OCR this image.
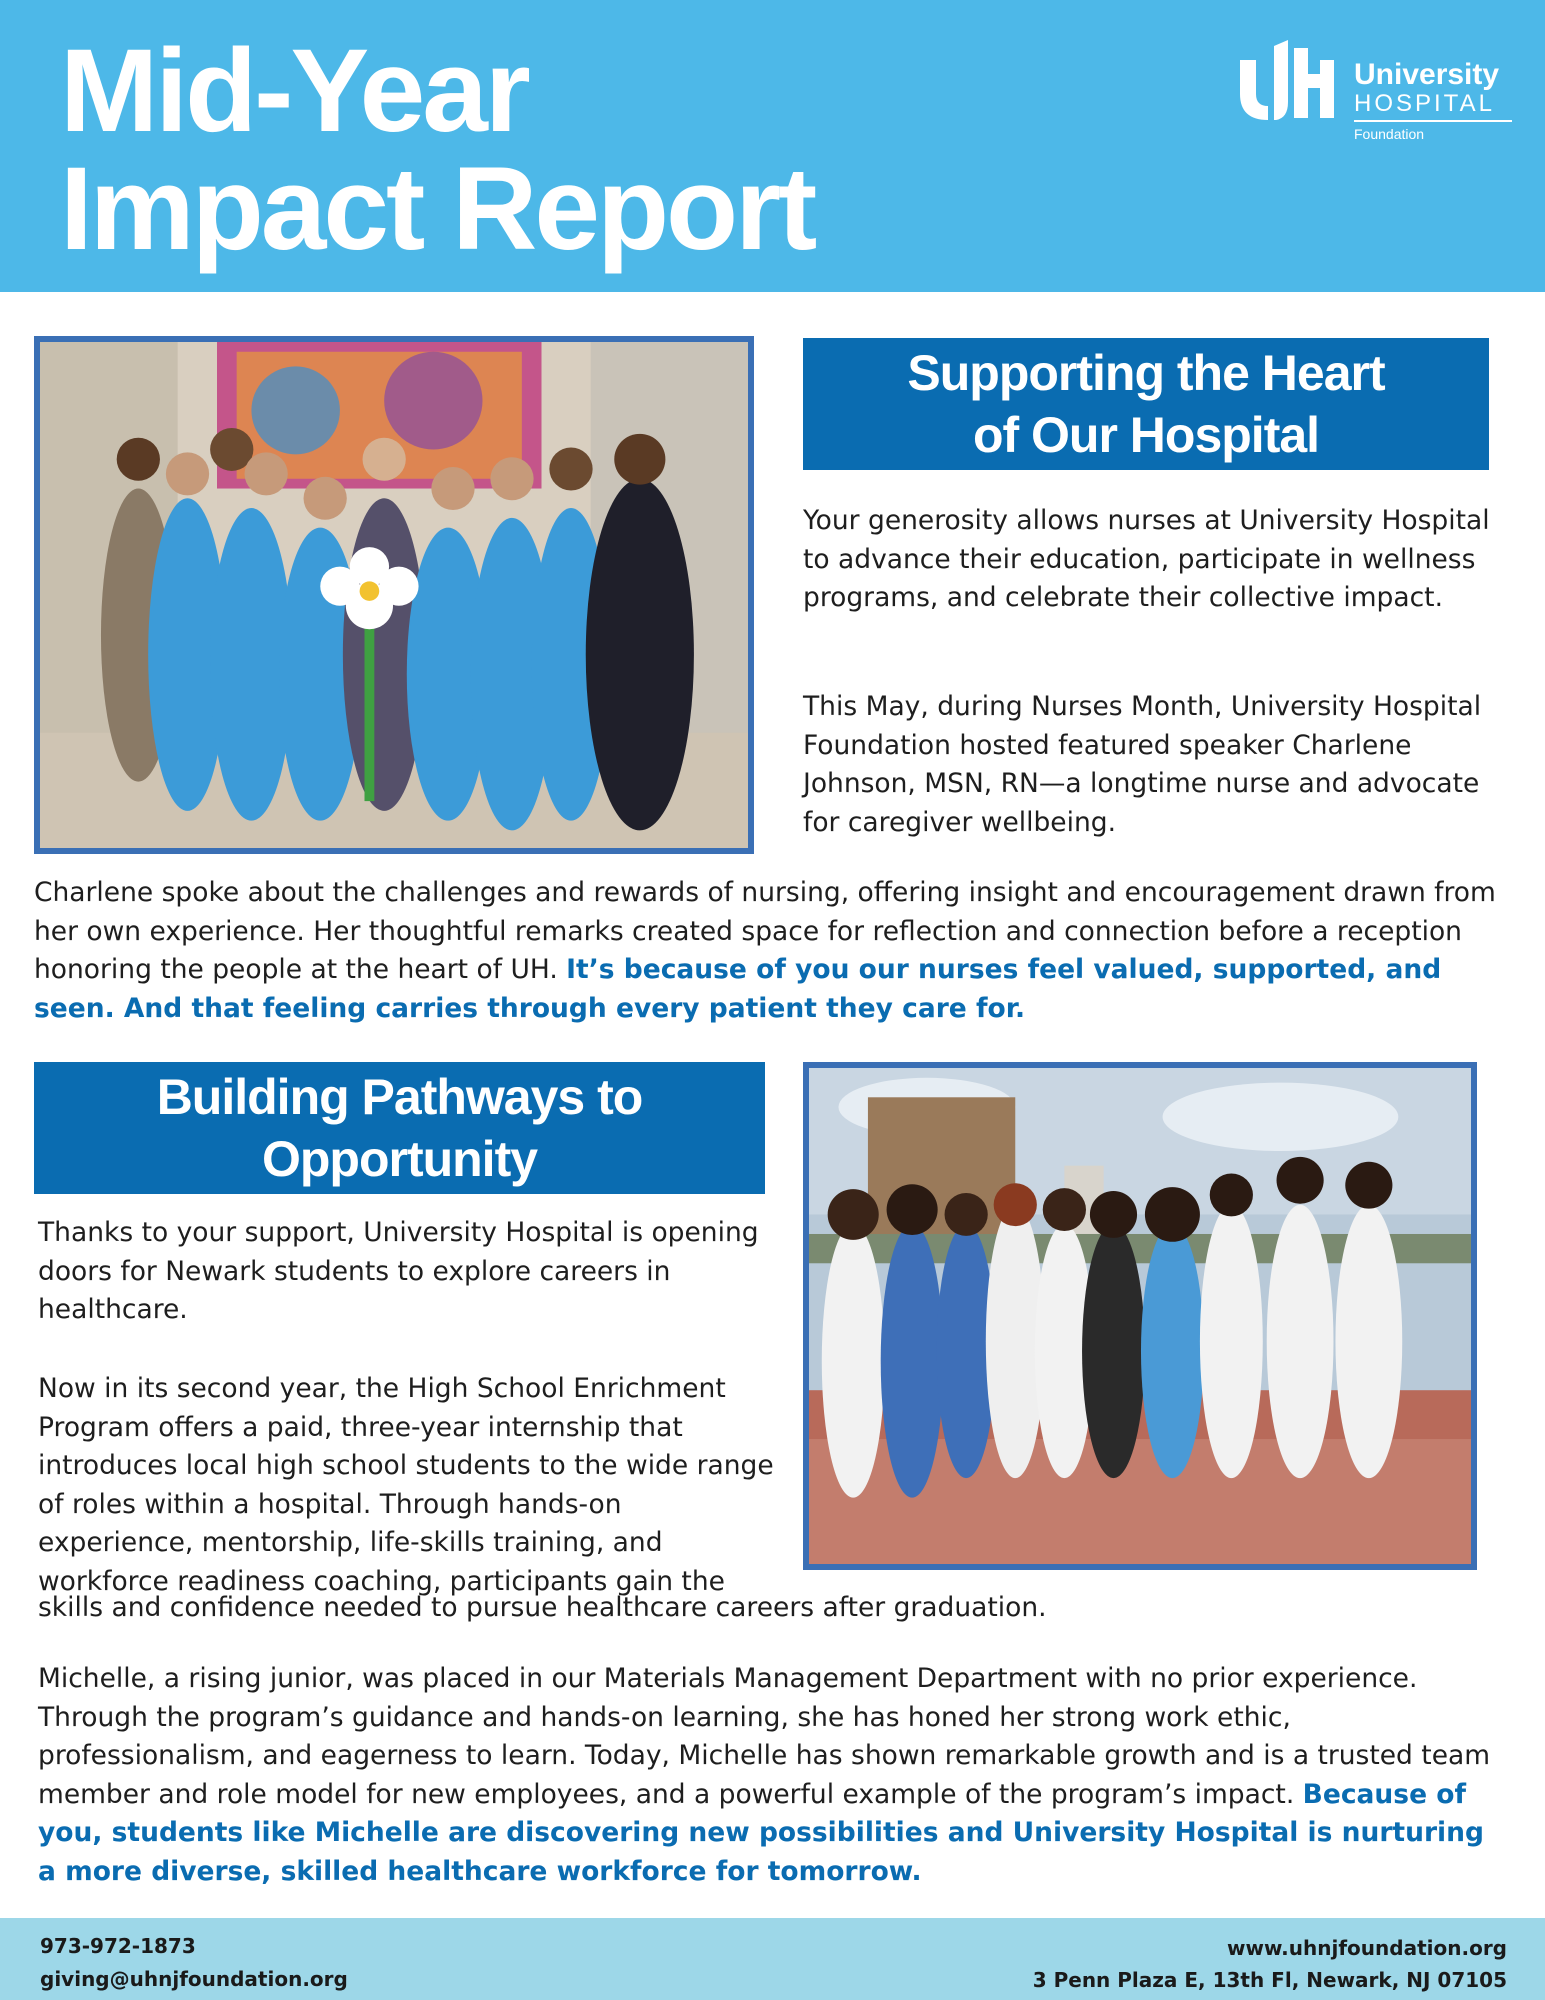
Mid-Year
Impact Report
University
HOSPITAL
Foundation
Supporting the Heart
of Our Hospital
Your generosity allows nurses at University Hospital to advance their education, participate in wellness programs, and celebrate their collective impact.
This May, during Nurses Month, University Hospital Foundation hosted featured speaker Charlene Johnson, MSN, RN—a longtime nurse and advocate for caregiver wellbeing.
Charlene spoke about the challenges and rewards of nursing, offering insight and encouragement drawn from her own experience. Her thoughtful remarks created space for reflection and connection before a reception honoring the people at the heart of UH. It’s because of you our nurses feel valued, supported, and seen. And that feeling carries through every patient they care for.
Building Pathways to
Opportunity
Thanks to your support, University Hospital is opening doors for Newark students to explore careers in healthcare.
Now in its second year, the High School Enrichment Program offers a paid, three-year internship that introduces local high school students to the wide range of roles within a hospital. Through hands-on experience, mentorship, life-skills training, and workforce readiness coaching, participants gain the
skills and confidence needed to pursue healthcare careers after graduation.
Michelle, a rising junior, was placed in our Materials Management Department with no prior experience. Through the program’s guidance and hands-on learning, she has honed her strong work ethic, professionalism, and eagerness to learn. Today, Michelle has shown remarkable growth and is a trusted team member and role model for new employees, and a powerful example of the program’s impact. Because of you, students like Michelle are discovering new possibilities and University Hospital is nurturing a more diverse, skilled healthcare workforce for tomorrow.
973-972-1873
giving@uhnjfoundation.org
www.uhnjfoundation.org
3 Penn Plaza E, 13th Fl, Newark, NJ 07105
